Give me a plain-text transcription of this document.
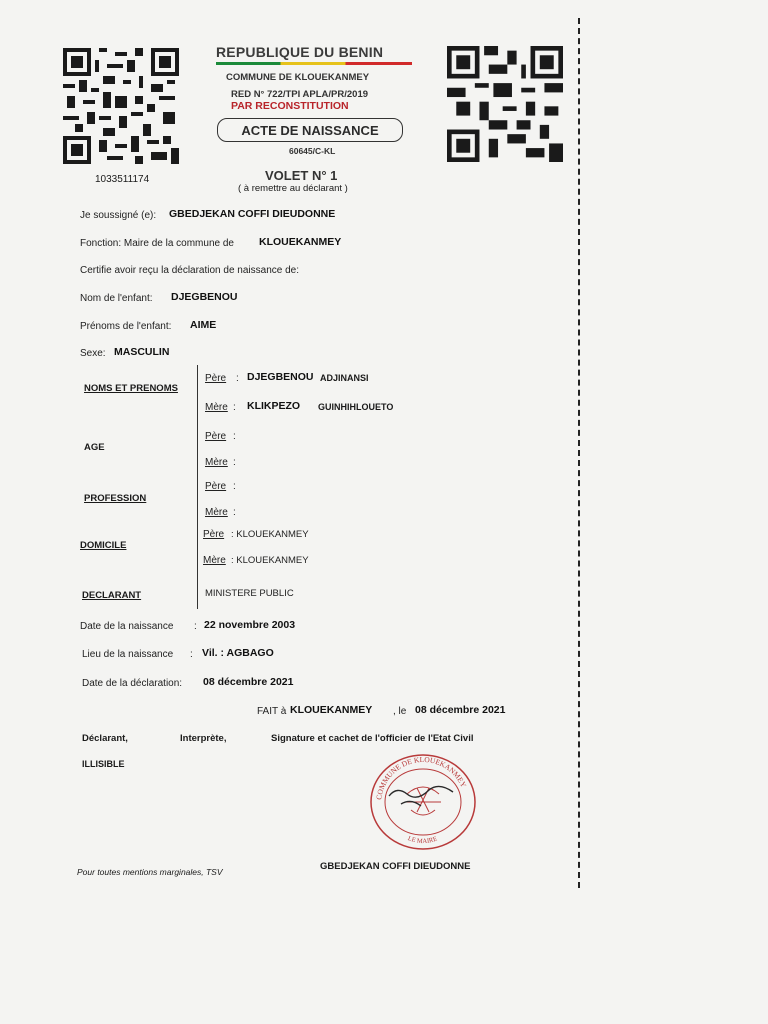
1033511174
REPUBLIQUE DU BENIN
COMMUNE DE KLOUEKANMEY
RED N° 722/TPI APLA/PR/2019
PAR RECONSTITUTION
ACTE DE NAISSANCE
60645/C-KL
VOLET N° 1
( à remettre au déclarant )
Je soussigné (e): GBEDJEKAN COFFI DIEUDONNE
Fonction: Maire de la commune de KLOUEKANMEY
Certifie avoir reçu la déclaration de naissance de:
Nom de l'enfant: DJEGBENOU
Prénoms de l'enfant: AIME
Sexe: MASCULIN
NOMS ET PRENOMS
Père : DJEGBENOU ADJINANSI
Mère : KLIKPEZO GUINHIHLOUETO
AGE
Père :
Mère :
PROFESSION
Père :
Mère :
DOMICILE
Père : KLOUEKANMEY
Mère : KLOUEKANMEY
DECLARANT	MINISTERE PUBLIC
Date de la naissance : 22 novembre 2003
Lieu de la naissance : Vil. : AGBAGO
Date de la déclaration: 08 décembre 2021
FAIT à KLOUEKANMEY , le 08 décembre 2021
Déclarant,	Interprète,	Signature et cachet de l'officier de l'Etat Civil
ILLISIBLE
COMMUNE DE KLOUEKANMEY
LE MAIRE
Pour toutes mentions marginales, TSV	GBEDJEKAN COFFI DIEUDONNE
